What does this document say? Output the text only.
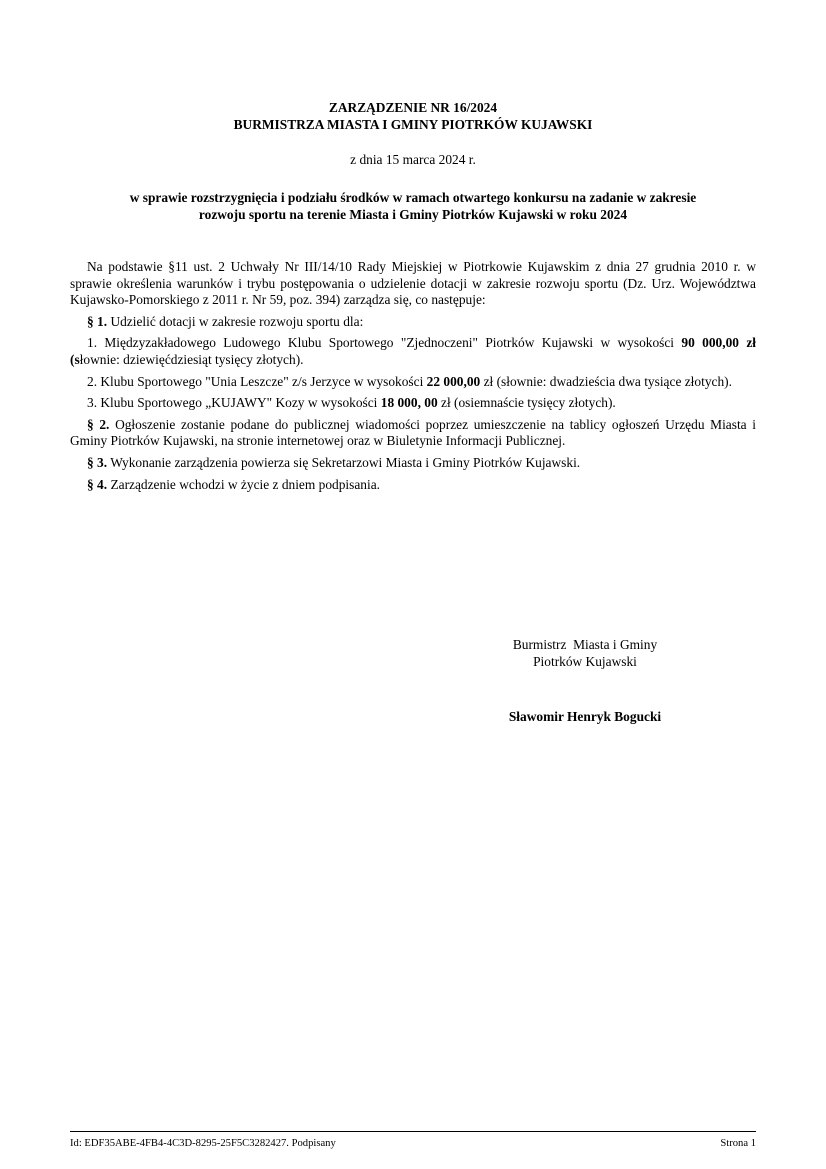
ZARZĄDZENIE NR 16/2024
BURMISTRZA MIASTA I GMINY PIOTRKÓW KUJAWSKI
z dnia 15 marca 2024 r.
w sprawie rozstrzygnięcia i podziału środków w ramach otwartego konkursu na zadanie w zakresie
rozwoju sportu na terenie Miasta i Gminy Piotrków Kujawski w roku 2024

Na podstawie §11 ust. 2 Uchwały Nr III/14/10 Rady Miejskiej w Piotrkowie Kujawskim z dnia 27 grudnia 2010 r. w sprawie określenia warunków i trybu postępowania o udzielenie dotacji w zakresie rozwoju sportu (Dz. Urz. Województwa Kujawsko-Pomorskiego z 2011 r. Nr 59, poz. 394) zarządza się, co następuje:

§ 1. Udzielić dotacji w zakresie rozwoju sportu dla:

1. Międzyzakładowego Ludowego Klubu Sportowego "Zjednoczeni" Piotrków Kujawski w wysokości 90 000,00 zł (słownie: dziewięćdziesiąt tysięcy złotych).

2. Klubu Sportowego "Unia Leszcze" z/s Jerzyce w wysokości 22 000,00 zł (słownie: dwadzieścia dwa tysiące złotych).

3. Klubu Sportowego „KUJAWY" Kozy w wysokości 18 000, 00 zł (osiemnaście tysięcy złotych).

§ 2. Ogłoszenie zostanie podane do publicznej wiadomości poprzez umieszczenie na tablicy ogłoszeń Urzędu Miasta i Gminy Piotrków Kujawski, na stronie internetowej oraz w Biuletynie Informacji Publicznej.

§ 3. Wykonanie zarządzenia powierza się Sekretarzowi Miasta i Gminy Piotrków Kujawski.

§ 4. Zarządzenie wchodzi w życie z dniem podpisania.

Burmistrz  Miasta i Gminy
Piotrków Kujawski
Sławomir Henryk Bogucki
Id: EDF35ABE-4FB4-4C3D-8295-25F5C3282427. Podpisany	Strona 1
